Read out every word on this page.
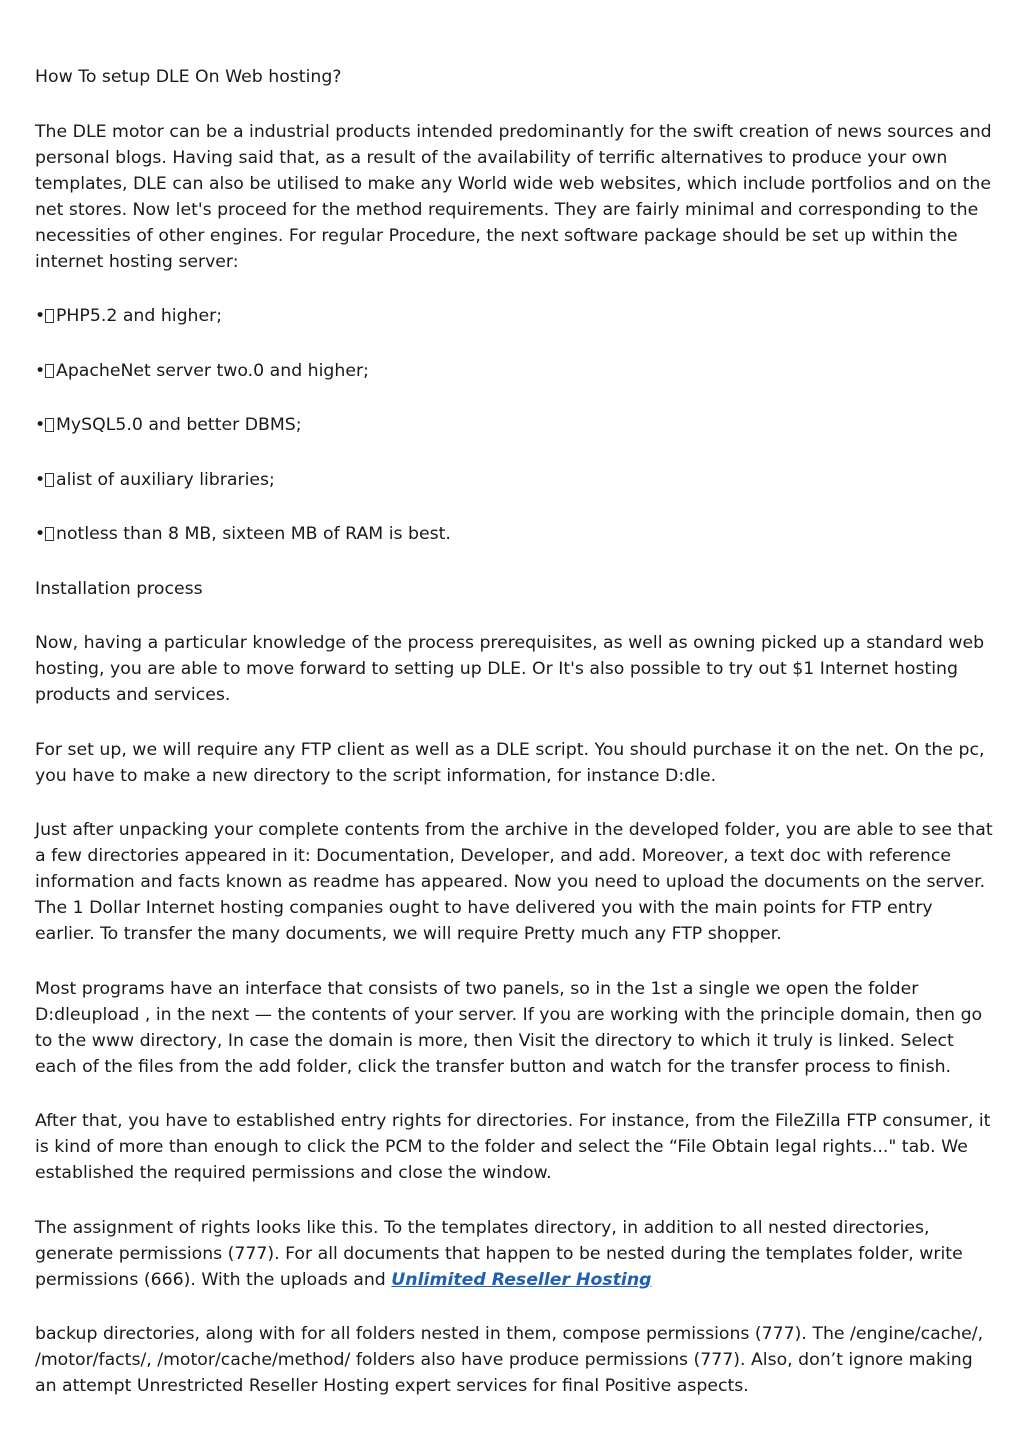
How To setup DLE On Web hosting?

The DLE motor can be a industrial products intended predominantly for the swift creation of news sources and personal blogs. Having said that, as a result of the availability of terrific alternatives to produce your own templates, DLE can also be utilised to make any World wide web websites, which include portfolios and on the net stores. Now let's proceed for the method requirements. They are fairly minimal and corresponding to the necessities of other engines. For regular Procedure, the next software package should be set up within the internet hosting server:

• PHP5.2 and higher;
• ApacheNet server two.0 and higher;
• MySQL5.0 and better DBMS;
• alist of auxiliary libraries;
• notless than 8 MB, sixteen MB of RAM is best.

Installation process

Now, having a particular knowledge of the process prerequisites, as well as owning picked up a standard web hosting, you are able to move forward to setting up DLE. Or It's also possible to try out $1 Internet hosting products and services.

For set up, we will require any FTP client as well as a DLE script. You should purchase it on the net. On the pc, you have to make a new directory to the script information, for instance D:dle.

Just after unpacking your complete contents from the archive in the developed folder, you are able to see that a few directories appeared in it: Documentation, Developer, and add. Moreover, a text doc with reference information and facts known as readme has appeared. Now you need to upload the documents on the server. The 1 Dollar Internet hosting companies ought to have delivered you with the main points for FTP entry earlier. To transfer the many documents, we will require Pretty much any FTP shopper.

Most programs have an interface that consists of two panels, so in the 1st a single we open the folder D:dleupload , in the next — the contents of your server. If you are working with the principle domain, then go to the www directory, In case the domain is more, then Visit the directory to which it truly is linked. Select each of the files from the add folder, click the transfer button and watch for the transfer process to finish.

After that, you have to established entry rights for directories. For instance, from the FileZilla FTP consumer, it is kind of more than enough to click the PCM to the folder and select the “File Obtain legal rights..." tab. We established the required permissions and close the window.

The assignment of rights looks like this. To the templates directory, in addition to all nested directories, generate permissions (777). For all documents that happen to be nested during the templates folder, write permissions (666). With the uploads and Unlimited Reseller Hosting

backup directories, along with for all folders nested in them, compose permissions (777). The /engine/cache/, /motor/facts/, /motor/cache/method/ folders also have produce permissions (777). Also, don’t ignore making an attempt Unrestricted Reseller Hosting expert services for final Positive aspects.
